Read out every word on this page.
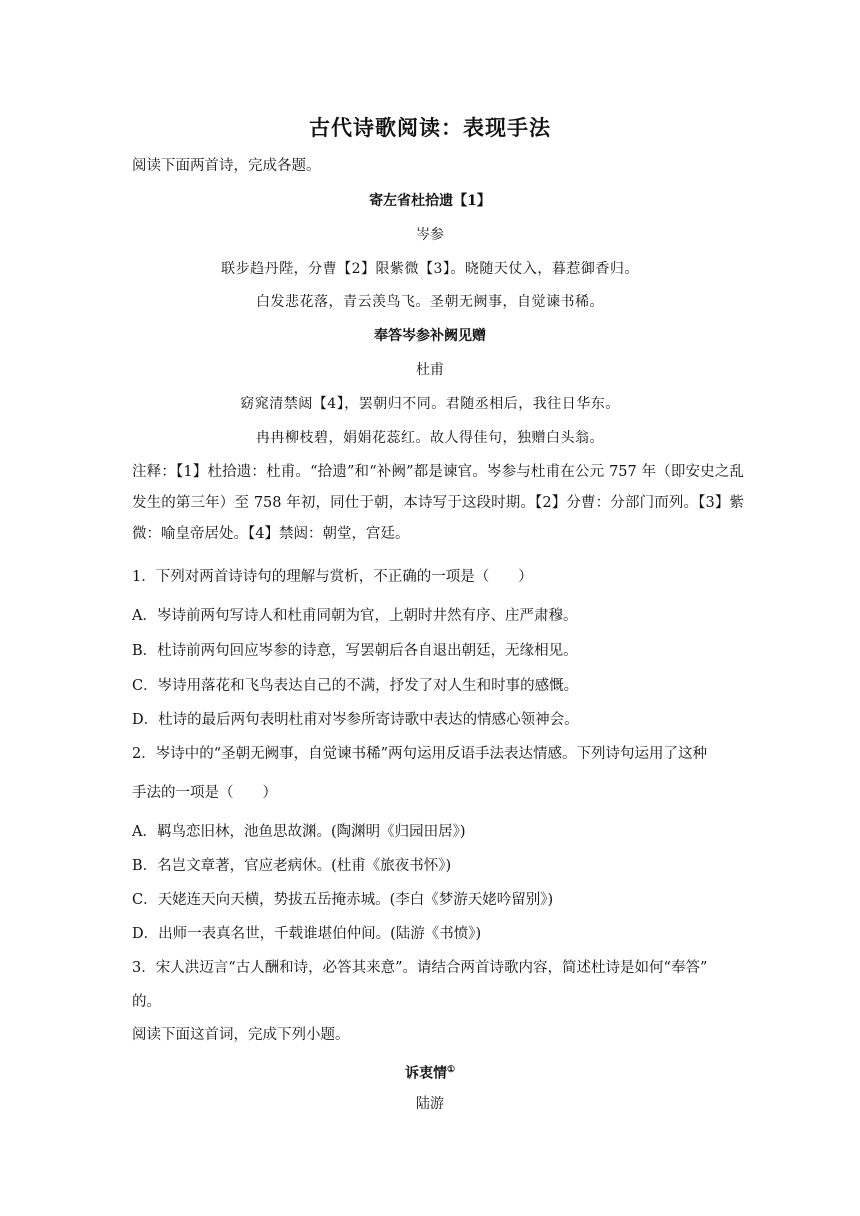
古代诗歌阅读：表现手法
阅读下面两首诗，完成各题。
寄左省杜拾遗【1】
岑参
联步趋丹陛，分曹【2】限紫微【3】。晓随天仗入，暮惹御香归。
白发悲花落，青云羡鸟飞。圣朝无阙事，自觉谏书稀。
奉答岑参补阙见赠
杜甫
窈窕清禁闼【4】，罢朝归不同。君随丞相后，我往日华东。
冉冉柳枝碧，娟娟花蕊红。故人得佳句，独赠白头翁。
注释：【1】杜拾遗：杜甫。“拾遗”和“补阙”都是谏官。岑参与杜甫在公元 757 年（即安史之乱发生的第三年）至 758 年初，同仕于朝，本诗写于这段时期。【2】分曹：分部门而列。【3】紫微：喻皇帝居处。【4】禁闼：朝堂，宫廷。
1．下列对两首诗诗句的理解与赏析，不正确的一项是（　　）
A．岑诗前两句写诗人和杜甫同朝为官，上朝时井然有序、庄严肃穆。
B．杜诗前两句回应岑参的诗意，写罢朝后各自退出朝廷，无缘相见。
C．岑诗用落花和飞鸟表达自己的不满，抒发了对人生和时事的感慨。
D．杜诗的最后两句表明杜甫对岑参所寄诗歌中表达的情感心领神会。
2．岑诗中的“圣朝无阙事，自觉谏书稀”两句运用反语手法表达情感。下列诗句运用了这种
手法的一项是（　　）
A．羁鸟恋旧林，池鱼思故渊。(陶渊明《归园田居》)
B．名岂文章著，官应老病休。(杜甫《旅夜书怀》)
C．天姥连天向天横，势拔五岳掩赤城。(李白《梦游天姥吟留别》)
D．出师一表真名世，千载谁堪伯仲间。(陆游《书愤》)
3．宋人洪迈言“古人酬和诗，必答其来意”。请结合两首诗歌内容，简述杜诗是如何“奉答”
的。
阅读下面这首词，完成下列小题。
诉衷情①
陆游
